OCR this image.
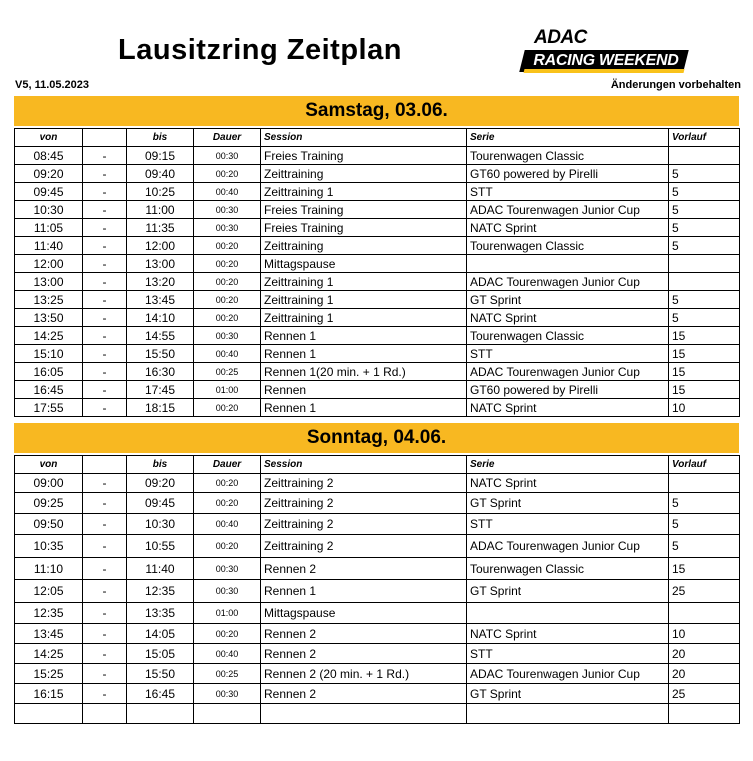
Lausitzring Zeitplan
V5, 11.05.2023	Änderungen vorbehalten
ADAC
RACING WEEKEND
Samstag, 03.06.
von		bis	Dauer	Session	Serie	Vorlauf
08:45	-	09:15	00:30	Freies Training	Tourenwagen Classic	
09:20	-	09:40	00:20	Zeittraining	GT60 powered by Pirelli	5
09:45	-	10:25	00:40	Zeittraining 1	STT	5
10:30	-	11:00	00:30	Freies Training	ADAC Tourenwagen Junior Cup	5
11:05	-	11:35	00:30	Freies Training	NATC Sprint	5
11:40	-	12:00	00:20	Zeittraining	Tourenwagen Classic	5
12:00	-	13:00	00:20	Mittagspause		
13:00	-	13:20	00:20	Zeittraining 1	ADAC Tourenwagen Junior Cup	
13:25	-	13:45	00:20	Zeittraining 1	GT Sprint	5
13:50	-	14:10	00:20	Zeittraining 1	NATC Sprint	5
14:25	-	14:55	00:30	Rennen 1	Tourenwagen Classic	15
15:10	-	15:50	00:40	Rennen 1	STT	15
16:05	-	16:30	00:25	Rennen 1(20 min. + 1 Rd.)	ADAC Tourenwagen Junior Cup	15
16:45	-	17:45	01:00	Rennen	GT60 powered by Pirelli	15
17:55	-	18:15	00:20	Rennen 1	NATC Sprint	10
Sonntag, 04.06.
von		bis	Dauer	Session	Serie	Vorlauf
09:00	-	09:20	00:20	Zeittraining 2	NATC Sprint	
09:25	-	09:45	00:20	Zeittraining 2	GT Sprint	5
09:50	-	10:30	00:40	Zeittraining 2	STT	5
10:35	-	10:55	00:20	Zeittraining 2	ADAC Tourenwagen Junior Cup	5
11:10	-	11:40	00:30	Rennen 2	Tourenwagen Classic	15
12:05	-	12:35	00:30	Rennen 1	GT Sprint	25
12:35	-	13:35	01:00	Mittagspause		
13:45	-	14:05	00:20	Rennen 2	NATC Sprint	10
14:25	-	15:05	00:40	Rennen 2	STT	20
15:25	-	15:50	00:25	Rennen 2 (20 min. + 1 Rd.)	ADAC Tourenwagen Junior Cup	20
16:15	-	16:45	00:30	Rennen 2	GT Sprint	25
